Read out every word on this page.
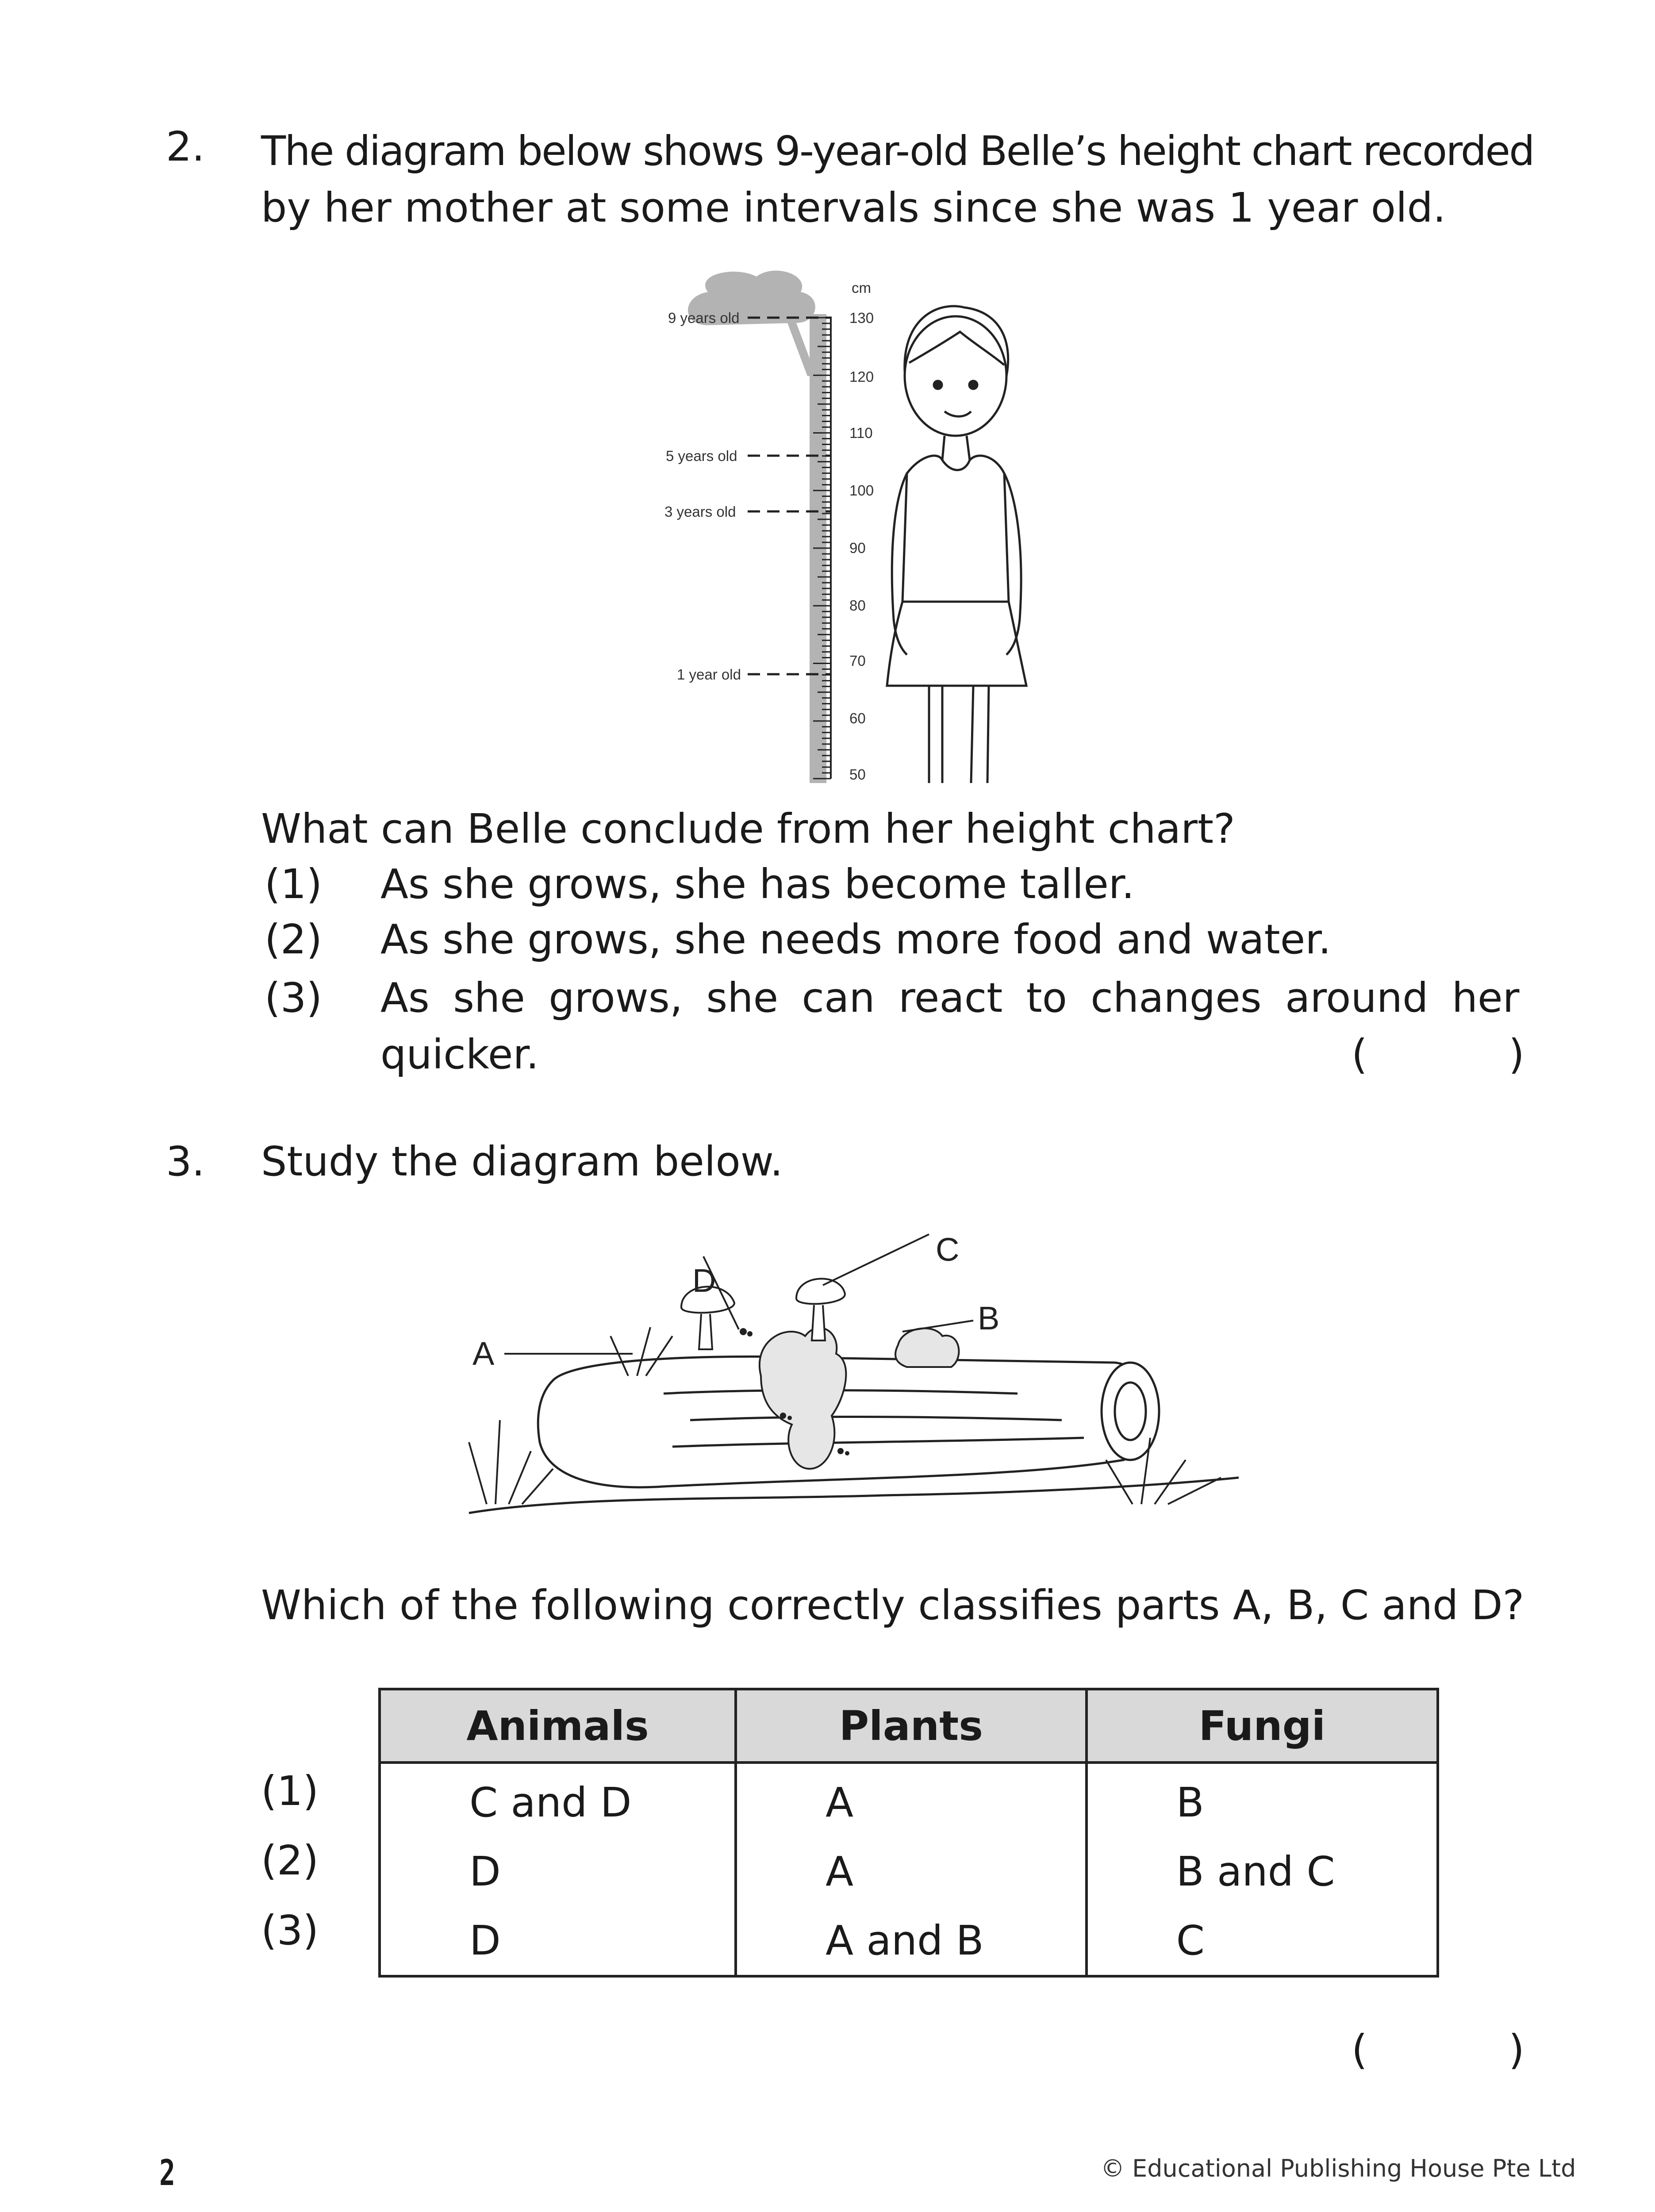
2. The diagram below shows 9-year-old Belle’s height chart recorded
by her mother at some intervals since she was 1 year old.
cm
130
120
110
100
90
80
70
60
50
9 years old
5 years old
3 years old
1 year old
What can Belle conclude from her height chart?
(1) As she grows, she has become taller.
(2) As she grows, she needs more food and water.
(3) As she grows, she can react to changes around her
quicker.	(	)
3. Study the diagram below.
A
B
C
D
Which of the following correctly classifies parts A, B, C and D?
(1)
(2)
(3)
Animals	Plants	Fungi
C and D	A	B
D	A	B and C
D	A and B	C
(	)
2	© Educational Publishing House Pte Ltd
